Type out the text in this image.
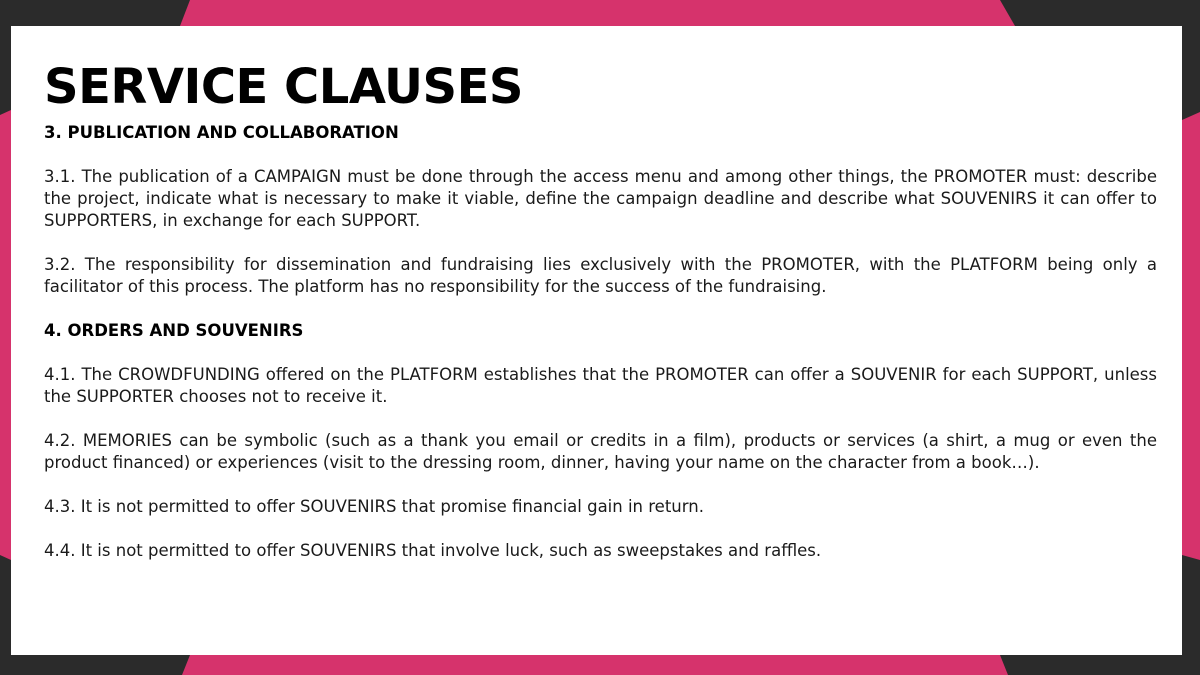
SERVICE CLAUSES

3. PUBLICATION AND COLLABORATION

3.1. The publication of a CAMPAIGN must be done through the access menu and among other things, the PROMOTER must: describe the project, indicate what is necessary to make it viable, define the campaign deadline and describe what SOUVENIRS it can offer to SUPPORTERS, in exchange for each SUPPORT.

3.2. The responsibility for dissemination and fundraising lies exclusively with the PROMOTER, with the PLATFORM being only a facilitator of this process. The platform has no responsibility for the success of the fundraising.

4. ORDERS AND SOUVENIRS

4.1. The CROWDFUNDING offered on the PLATFORM establishes that the PROMOTER can offer a SOUVENIR for each SUPPORT, unless the SUPPORTER chooses not to receive it.

4.2. MEMORIES can be symbolic (such as a thank you email or credits in a film), products or services (a shirt, a mug or even the product financed) or experiences (visit to the dressing room, dinner, having your name on the character from a book…).

4.3. It is not permitted to offer SOUVENIRS that promise financial gain in return.

4.4. It is not permitted to offer SOUVENIRS that involve luck, such as sweepstakes and raffles.
